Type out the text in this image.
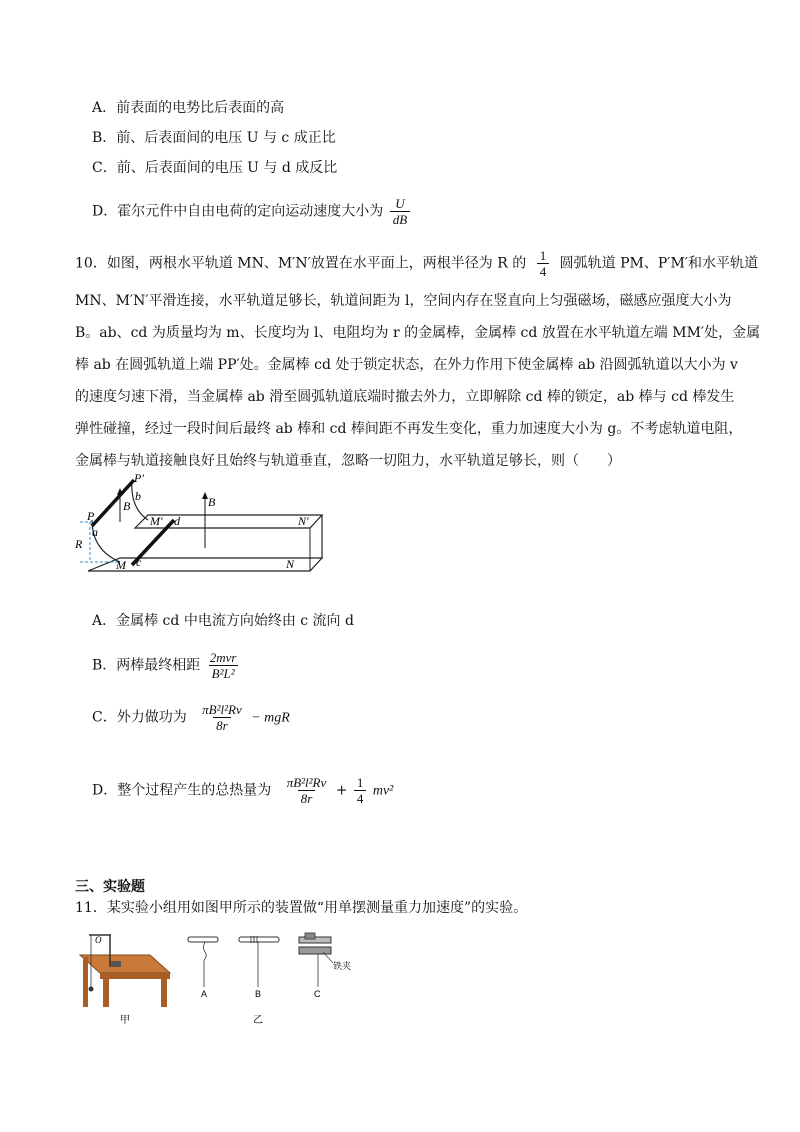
A．前表面的电势比后表面的高
B．前、后表面间的电压 U 与 c 成正比
C．前、后表面间的电压 U 与 d 成反比
D．霍尔元件中自由电荷的定向运动速度大小为 $\frac{U}{dB}$
10．如图，两根水平轨道 MN、M′N′放置在水平面上，两根半径为 R 的 $\frac{1}{4}$ 圆弧轨道 PM、P′M′和水平轨道
MN、M′N′平滑连接，水平轨道足够长，轨道间距为 l，空间内存在竖直向上匀强磁场，磁感应强度大小为
B。ab、cd 为质量均为 m、长度均为 l、电阻均为 r 的金属棒，金属棒 cd 放置在水平轨道左端 MM′处，金属
棒 ab 在圆弧轨道上端 PP′处。金属棒 cd 处于锁定状态，在外力作用下使金属棒 ab 沿圆弧轨道以大小为 v
的速度匀速下滑，当金属棒 ab 滑至圆弧轨道底端时撤去外力，立即解除 cd 棒的锁定，ab 棒与 cd 棒发生
弹性碰撞，经过一段时间后最终 ab 棒和 cd 棒间距不再发生变化，重力加速度大小为 g。不考虑轨道电阻，
金属棒与轨道接触良好且始终与轨道垂直，忽略一切阻力，水平轨道足够长，则（　　）
P′
b
B
P
a
R
M′ d
B
N′
M c	N
A．金属棒 cd 中电流方向始终由 c 流向 d
B．两棒最终相距 $\frac{\text{2mvr}}{\text{B²L²}}$
C．外力做功为 $\frac{\text{πB²l²Rv}}{8r}$ − mgR
D．整个过程产生的总热量为 $\frac{\text{πB²l²Rv}}{8r} + \frac{1}{4} mv^2$
三、实验题
11．某实验小组用如图甲所示的装置做“用单摆测量重力加速度”的实验。
O
A	B
铁夹
C
甲	乙
